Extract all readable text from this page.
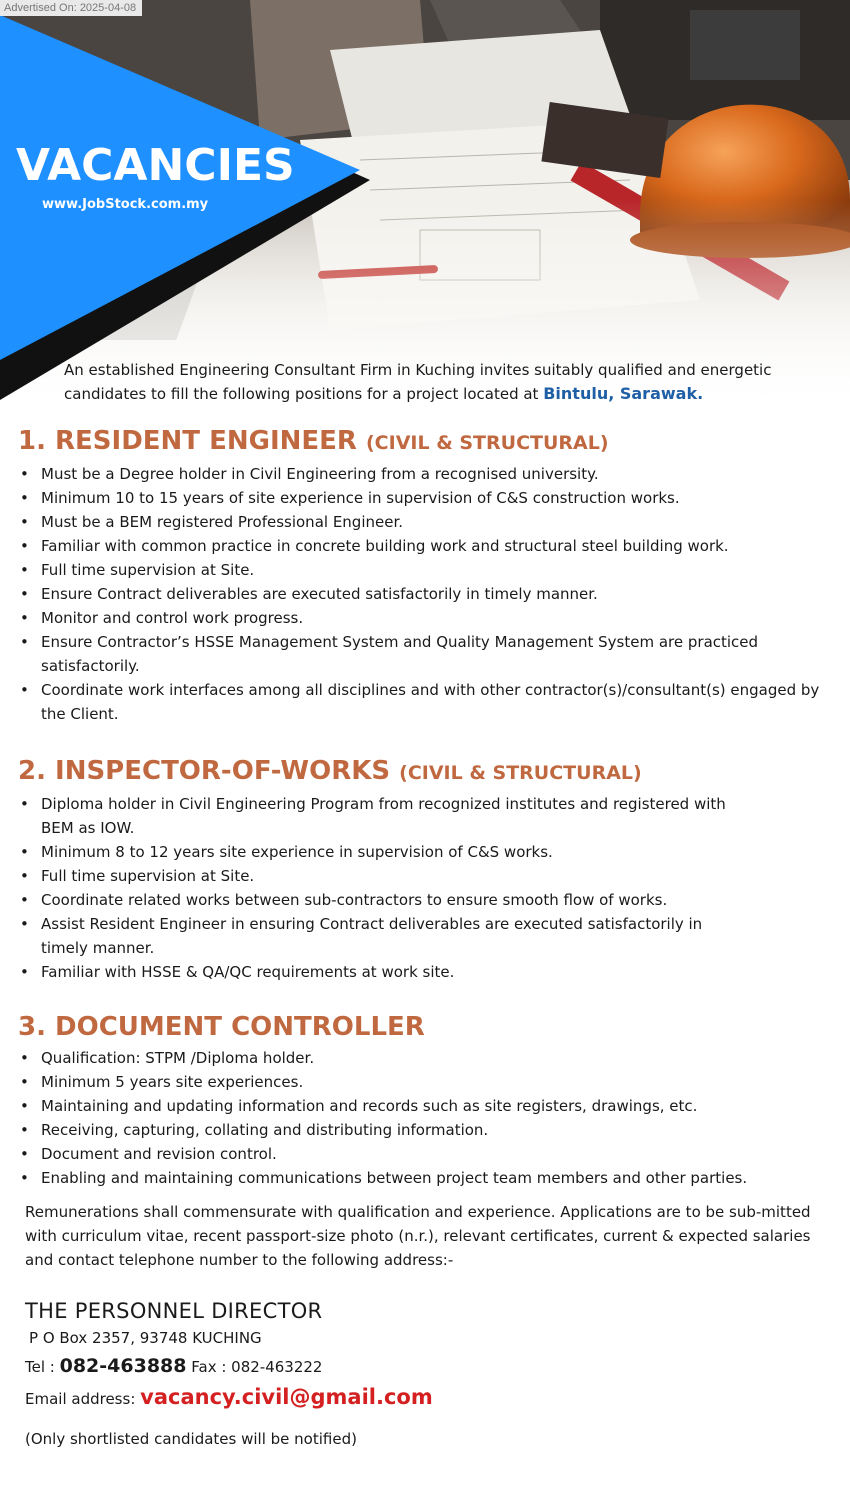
Advertised On: 2025-04-08
VACANCIES
www.JobStock.com.my
An established Engineering Consultant Firm in Kuching invites suitably qualified and energetic candidates to fill the following positions for a project located at Bintulu, Sarawak.
1. RESIDENT ENGINEER (CIVIL & STRUCTURAL)
• Must be a Degree holder in Civil Engineering from a recognised university.
• Minimum 10 to 15 years of site experience in supervision of C&S construction works.
• Must be a BEM registered Professional Engineer.
• Familiar with common practice in concrete building work and structural steel building work.
• Full time supervision at Site.
• Ensure Contract deliverables are executed satisfactorily in timely manner.
• Monitor and control work progress.
• Ensure Contractor’s HSSE Management System and Quality Management System are practiced satisfactorily.
• Coordinate work interfaces among all disciplines and with other contractor(s)/consultant(s) engaged by the Client.
2. INSPECTOR-OF-WORKS (CIVIL & STRUCTURAL)
• Diploma holder in Civil Engineering Program from recognized institutes and registered with BEM as IOW.
• Minimum 8 to 12 years site experience in supervision of C&S works.
• Full time supervision at Site.
• Coordinate related works between sub-contractors to ensure smooth flow of works.
• Assist Resident Engineer in ensuring Contract deliverables are executed satisfactorily in timely manner.
• Familiar with HSSE & QA/QC requirements at work site.
3. DOCUMENT CONTROLLER
• Qualification: STPM /Diploma holder.
• Minimum 5 years site experiences.
• Maintaining and updating information and records such as site registers, drawings, etc.
• Receiving, capturing, collating and distributing information.
• Document and revision control.
• Enabling and maintaining communications between project team members and other parties.
Remunerations shall commensurate with qualification and experience. Applications are to be sub-mitted with curriculum vitae, recent passport-size photo (n.r.), relevant certificates, current & expected salaries and contact telephone number to the following address:-
THE PERSONNEL DIRECTOR
P O Box 2357, 93748 KUCHING
Tel : 082-463888 Fax : 082-463222
Email address: vacancy.civil@gmail.com
(Only shortlisted candidates will be notified)
